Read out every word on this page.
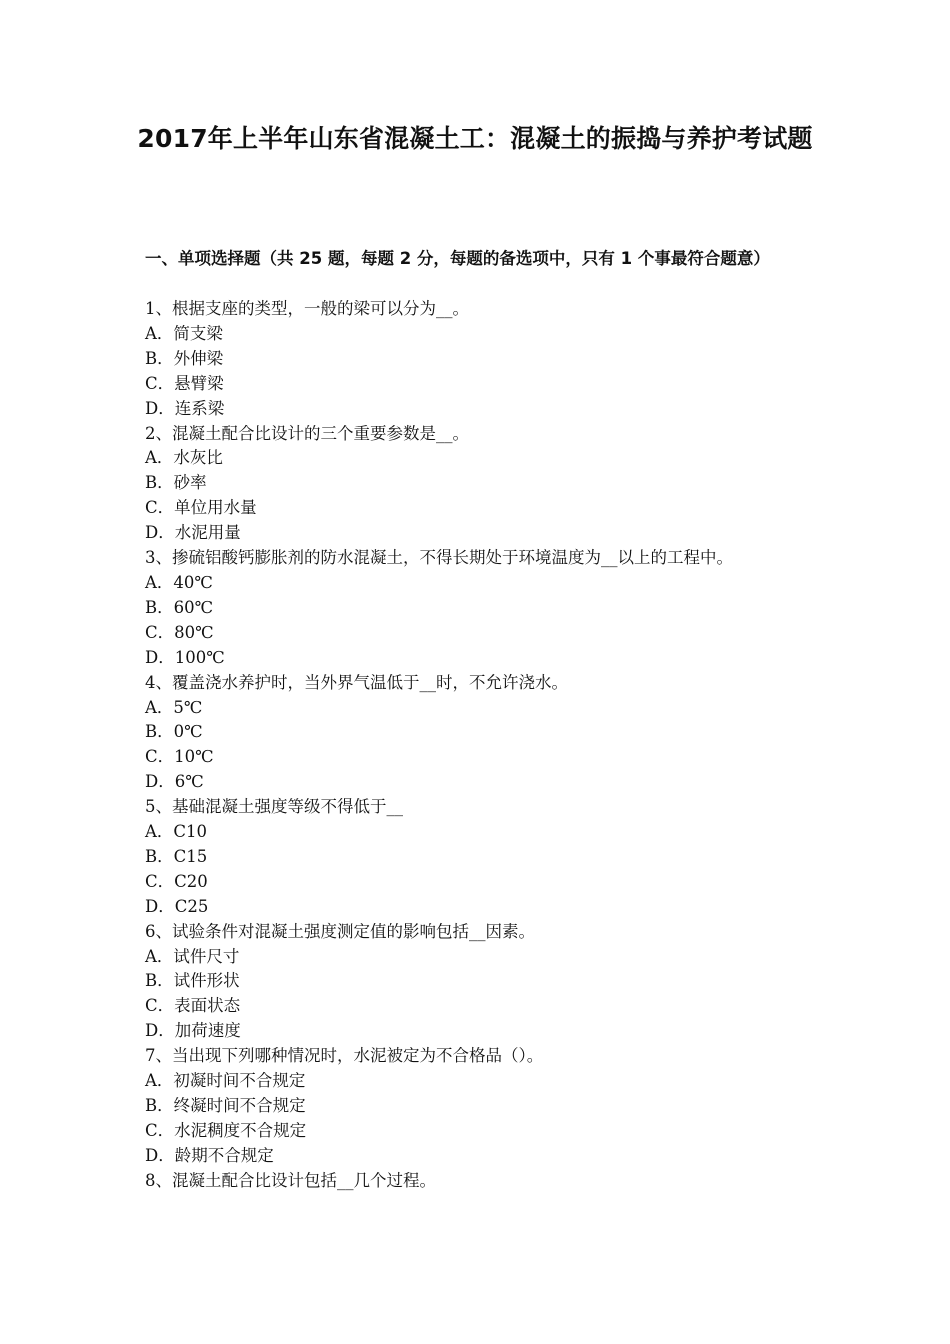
2017年上半年山东省混凝土工：混凝土的振捣与养护考试题

一、单项选择题（共 25 题，每题 2 分，每题的备选项中，只有 1 个事最符合题意）

1、根据支座的类型，一般的梁可以分为__。
A．简支梁
B．外伸梁
C．悬臂梁
D．连系梁
2、混凝土配合比设计的三个重要参数是__。
A．水灰比
B．砂率
C．单位用水量
D．水泥用量
3、掺硫铝酸钙膨胀剂的防水混凝土，不得长期处于环境温度为__以上的工程中。
A．40℃
B．60℃
C．80℃
D．100℃
4、覆盖浇水养护时，当外界气温低于__时，不允许浇水。
A．5℃
B．0℃
C．10℃
D．6℃
5、基础混凝土强度等级不得低于__
A．C10
B．C15
C．C20
D．C25
6、试验条件对混凝土强度测定值的影响包括__因素。
A．试件尺寸
B．试件形状
C．表面状态
D．加荷速度
7、当出现下列哪种情况时，水泥被定为不合格品（）。
A．初凝时间不合规定
B．终凝时间不合规定
C．水泥稠度不合规定
D．龄期不合规定
8、混凝土配合比设计包括__几个过程。
